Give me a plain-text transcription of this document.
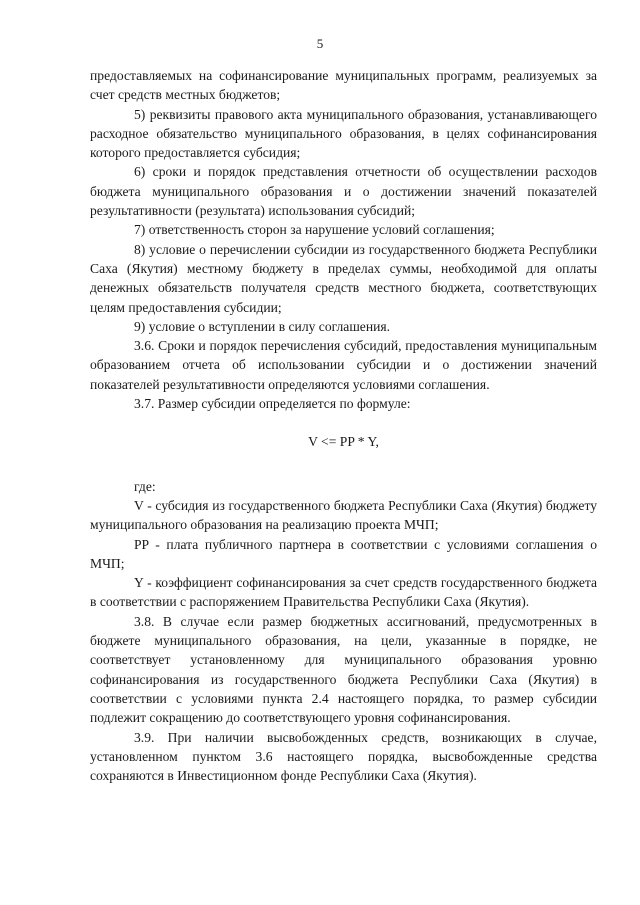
5

предоставляемых на софинансирование муниципальных программ, реализуемых за счет средств местных бюджетов;

5) реквизиты правового акта муниципального образования, устанавливающего расходное обязательство муниципального образования, в целях софинансирования которого предоставляется субсидия;

6) сроки и порядок представления отчетности об осуществлении расходов бюджета муниципального образования и о достижении значений показателей результативности (результата) использования субсидий;

7) ответственность сторон за нарушение условий соглашения;

8) условие о перечислении субсидии из государственного бюджета Республики Саха (Якутия) местному бюджету в пределах суммы, необходимой для оплаты денежных обязательств получателя средств местного бюджета, соответствующих целям предоставления субсидии;

9) условие о вступлении в силу соглашения.

3.6. Сроки и порядок перечисления субсидий, предоставления муниципальным образованием отчета об использовании субсидии и о достижении значений показателей результативности определяются условиями соглашения.

3.7. Размер субсидии определяется по формуле:

V <= PP * Y,

где:

V - субсидия из государственного бюджета Республики Саха (Якутия) бюджету муниципального образования на реализацию проекта МЧП;

PP - плата публичного партнера в соответствии с условиями соглашения о МЧП;

Y - коэффициент софинансирования за счет средств государственного бюджета в соответствии с распоряжением Правительства Республики Саха (Якутия).

3.8. В случае если размер бюджетных ассигнований, предусмотренных в бюджете муниципального образования, на цели, указанные в порядке, не соответствует установленному для муниципального образования уровню софинансирования из государственного бюджета Республики Саха (Якутия) в соответствии с условиями пункта 2.4 настоящего порядка, то размер субсидии подлежит сокращению до соответствующего уровня софинансирования.

3.9. При наличии высвобожденных средств, возникающих в случае, установленном пунктом 3.6 настоящего порядка, высвобожденные средства сохраняются в Инвестиционном фонде Республики Саха (Якутия).
